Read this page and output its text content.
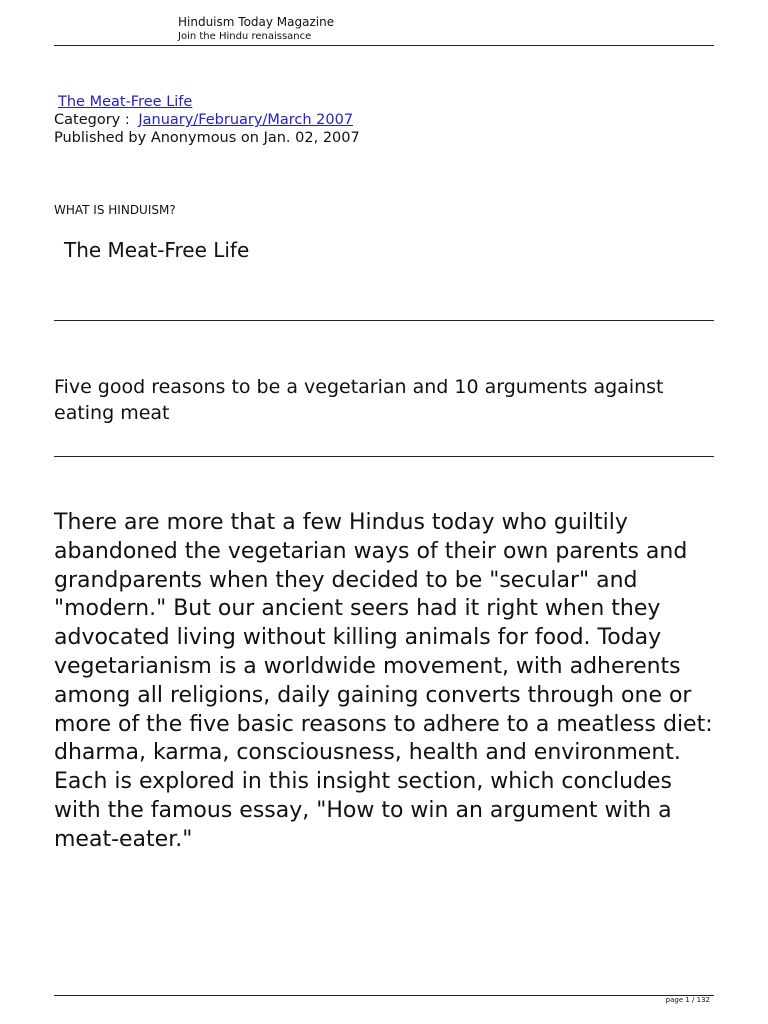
Hinduism Today Magazine
Join the Hindu renaissance
The Meat-Free Life
Category : January/February/March 2007
Published by Anonymous on Jan. 02, 2007
WHAT IS HINDUISM?
The Meat-Free Life
Five good reasons to be a vegetarian and 10 arguments against eating meat
There are more that a few Hindus today who guiltily abandoned the vegetarian ways of their own parents and grandparents when they decided to be "secular" and "modern." But our ancient seers had it right when they advocated living without killing animals for food. Today vegetarianism is a worldwide movement, with adherents among all religions, daily gaining converts through one or more of the five basic reasons to adhere to a meatless diet: dharma, karma, consciousness, health and environment. Each is explored in this insight section, which concludes with the famous essay, "How to win an argument with a meat-eater."
page 1 / 132
